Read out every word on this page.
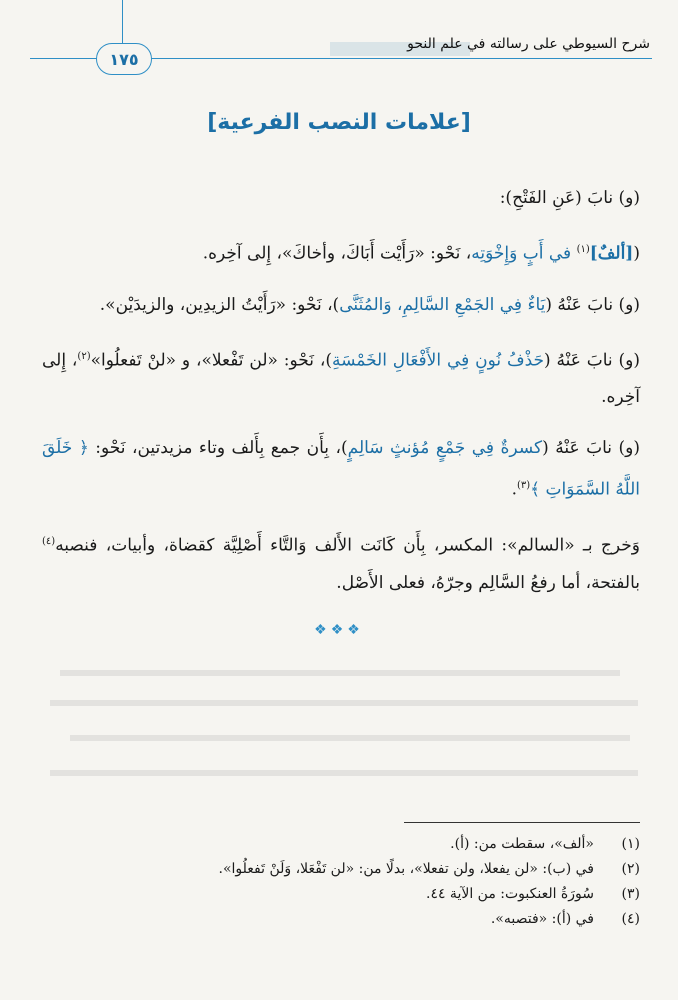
شرح السيوطي على رسالته في علم النحو
١٧٥
[علامات النصب الفرعية]

(و) نابَ (عَنِ الفَتْحِ):

([ألفٌ]$^{(١)}$ في أَبٍ وَإِخْوَتِه، نَحْو: «رَأَيْت أَبَاكَ، وأخاكَ»، إِلى آخِره.

(و) نابَ عَنْهُ (يَاءٌ فِي الجَمْعِ السَّالِمِ، وَالمُثَنَّى)، نَحْو: «رَأَيْتُ الزيدِين، والزيدَيْن».

(و) نابَ عَنْهُ (حَذْفُ نُونٍ فِي الأَفْعَالِ الخَمْسَةِ)، نَحْو: «لن تَفْعلا»، و «لنْ تَفعلُوا»$^{(٢)}$، إِلى آخِره.

(و) نابَ عَنْهُ (كسرةٌ فِي جَمْعٍ مُؤنثٍ سَالِمٍ)، بِأَن جمع بِأَلف وتاء مزيدتين، نَحْو: ﴿ خَلَقَ اللَّهُ السَّمَوَاتِ ﴾$^{(٣)}$.

وَخرج بـ «السالم»: المكسر، بِأَن كَانَت الأَلف وَالتَّاء أَصْلِيَّة كقضاة، وأبيات، فنصبه$^{(٤)}$ بالفتحة، أما رفعُ السَّالِم وجرّهُ، فعلى الأَصْل.

❖❖❖
(١)
«ألف»، سقطت من: (أ).
(٢)
في (ب): «لن يفعلا، ولن تفعلا»، بدلًا من: «لن تَفْعَلا، وَلَنْ تَفعلُوا».
(٣)
سُورَةُ العنكبوت: من الآية ٤٤.
(٤)
في (أ): «فتصبه».
